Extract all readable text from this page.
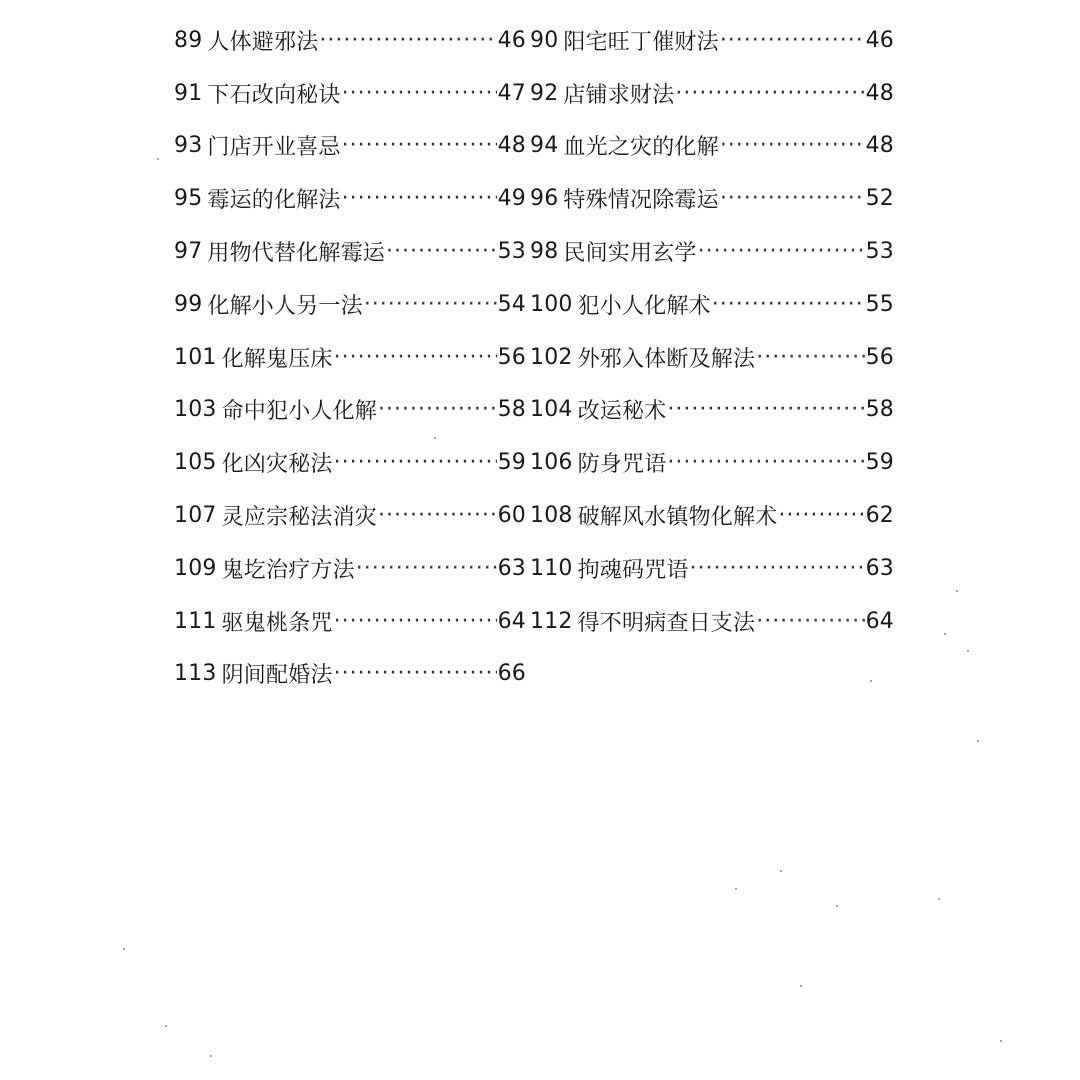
89 人体避邪法 ·····	46
91 下石改向秘诀 ·····	47
93 门店开业喜忌 ·····	48
95 霉运的化解法 ·····	49
97 用物代替化解霉运 ·····	53
99 化解小人另一法 ·····	54
101 化解鬼压床 ·····	56
103 命中犯小人化解 ·····	58
105 化凶灾秘法 ·····	59
107 灵应宗秘法消灾 ·····	60
109 鬼圪治疗方法 ·····	63
111 驱鬼桃条咒 ·····	64
113 阴间配婚法 ·····	66
90 阳宅旺丁催财法 ·····	46
92 店铺求财法 ·····	48
94 血光之灾的化解 ·····	48
96 特殊情况除霉运 ·····	52
98 民间实用玄学 ·····	53
100 犯小人化解术 ·····	55
102 外邪入体断及解法 ·····	56
104 改运秘术 ·····	58
106 防身咒语 ·····	59
108 破解风水镇物化解术 ·····	62
110 拘魂码咒语 ·····	63
112 得不明病查日支法 ·····	64
